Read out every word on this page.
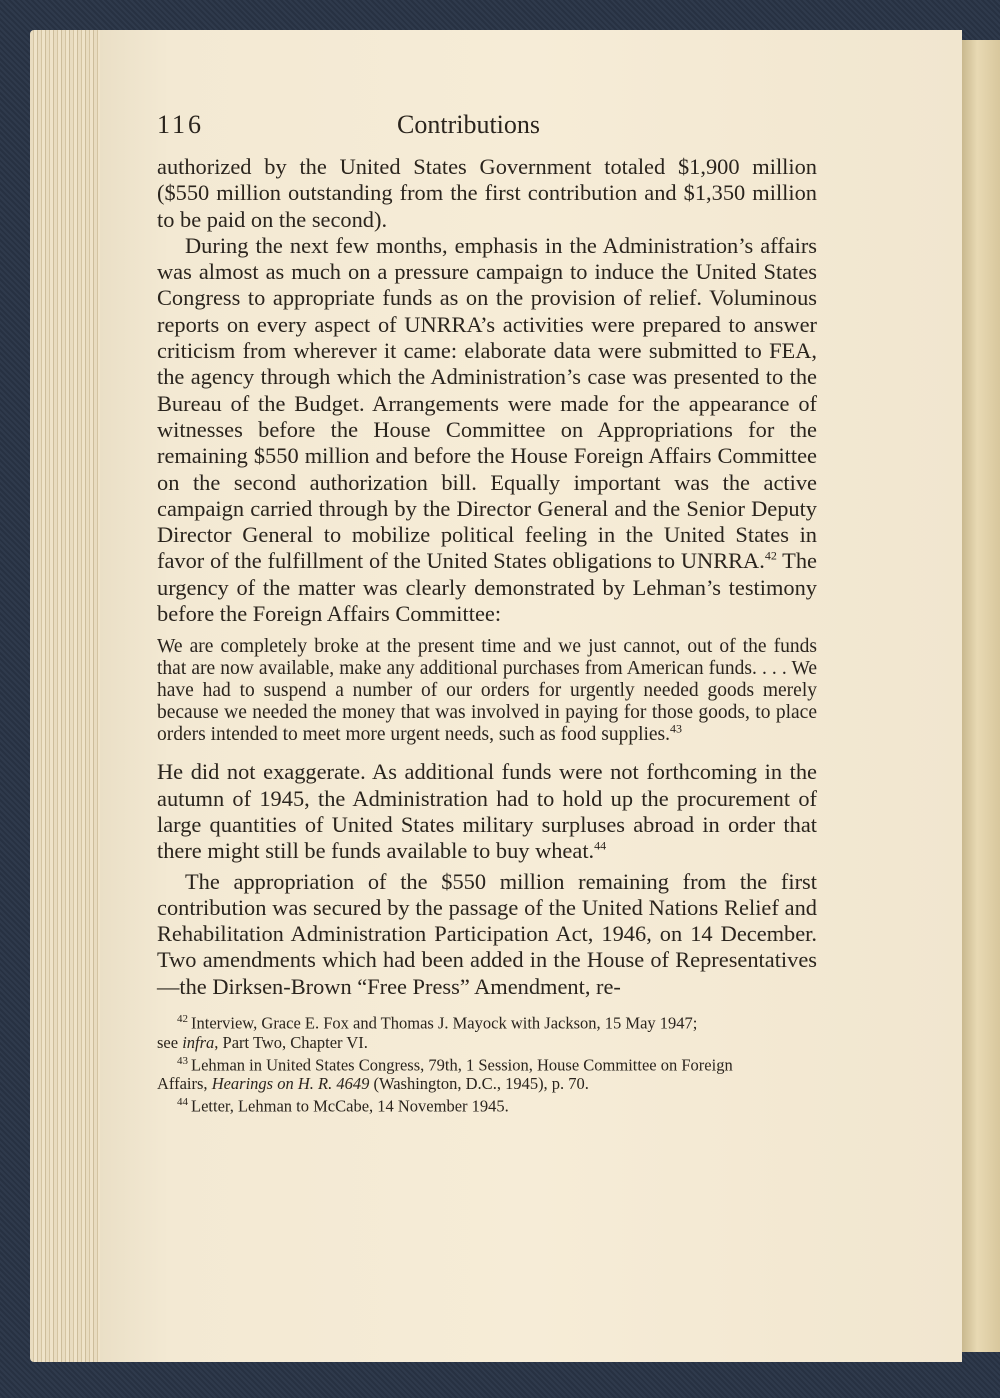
116	Contributions

authorized by the United States Government totaled $1,900 million ($550 million outstanding from the first contribution and $1,350 million to be paid on the second).

During the next few months, emphasis in the Administration’s affairs was almost as much on a pressure campaign to induce the United States Congress to appropriate funds as on the provision of relief. Voluminous reports on every aspect of UNRRA’s activities were prepared to answer criticism from wherever it came: elaborate data were submitted to FEA, the agency through which the Administration’s case was presented to the Bureau of the Budget. Arrangements were made for the appearance of witnesses before the House Committee on Appropriations for the remaining $550 million and before the House Foreign Affairs Committee on the second authorization bill. Equally important was the active campaign carried through by the Director General and the Senior Deputy Director General to mobilize political feeling in the United States in favor of the fulfillment of the United States obligations to UNRRA.$^{42}$ The urgency of the matter was clearly demonstrated by Lehman’s testimony before the Foreign Affairs Committee:

We are completely broke at the present time and we just cannot, out of the funds that are now available, make any additional purchases from American funds. . . . We have had to suspend a number of our orders for urgently needed goods merely because we needed the money that was involved in paying for those goods, to place orders intended to meet more urgent needs, such as food supplies.$^{43}$

He did not exaggerate. As additional funds were not forthcoming in the autumn of 1945, the Administration had to hold up the procurement of large quantities of United States military surpluses abroad in order that there might still be funds available to buy wheat.$^{44}$

The appropriation of the $550 million remaining from the first contribution was secured by the passage of the United Nations Relief and Rehabilitation Administration Participation Act, 1946, on 14 December. Two amendments which had been added in the House of Representatives—the Dirksen-Brown “Free Press” Amendment, re-

$^{42}$ Interview, Grace E. Fox and Thomas J. Mayock with Jackson, 15 May 1947;

see infra, Part Two, Chapter VI.

$^{43}$ Lehman in United States Congress, 79th, 1 Session, House Committee on Foreign

Affairs, Hearings on H. R. 4649 (Washington, D.C., 1945), p. 70.

$^{44}$ Letter, Lehman to McCabe, 14 November 1945.
